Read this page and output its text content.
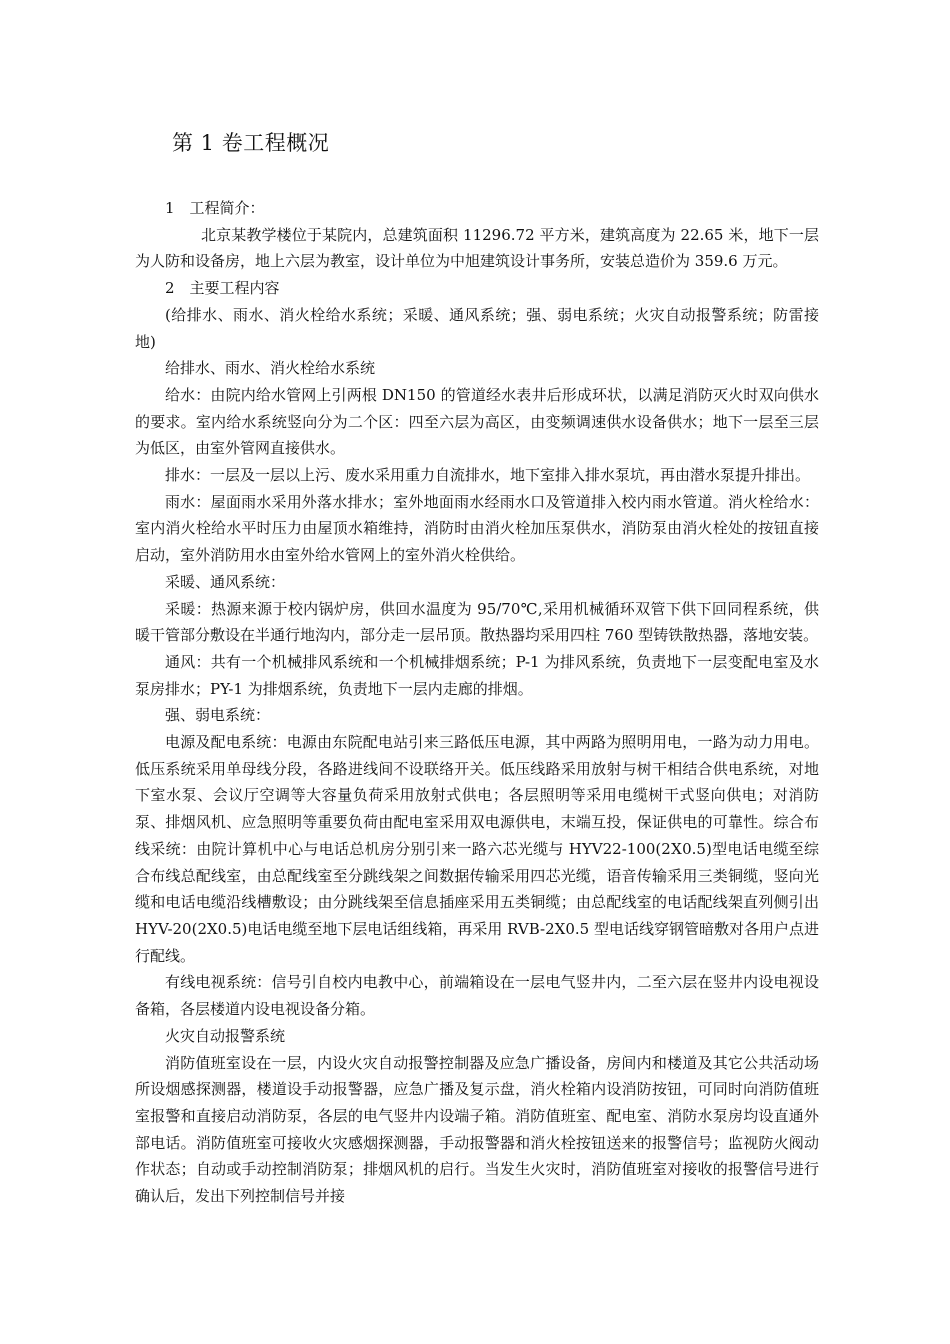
第 1 卷工程概况

1　工程简介：

北京某教学楼位于某院内，总建筑面积 11296.72 平方米，建筑高度为 22.65 米，地下一层为人防和设备房，地上六层为教室，设计单位为中旭建筑设计事务所，安装总造价为 359.6 万元。

2　主要工程内容

(给排水、雨水、消火栓给水系统；采暖、通风系统；强、弱电系统；火灾自动报警系统；防雷接地)

给排水、雨水、消火栓给水系统

给水：由院内给水管网上引两根 DN150 的管道经水表井后形成环状，以满足消防灭火时双向供水的要求。室内给水系统竖向分为二个区：四至六层为高区，由变频调速供水设备供水；地下一层至三层为低区，由室外管网直接供水。

排水：一层及一层以上污、废水采用重力自流排水，地下室排入排水泵坑，再由潜水泵提升排出。

雨水：屋面雨水采用外落水排水；室外地面雨水经雨水口及管道排入校内雨水管道。消火栓给水：室内消火栓给水平时压力由屋顶水箱维持，消防时由消火栓加压泵供水，消防泵由消火栓处的按钮直接启动，室外消防用水由室外给水管网上的室外消火栓供给。

采暖、通风系统：

采暖：热源来源于校内锅炉房，供回水温度为 95/70℃,采用机械循环双管下供下回同程系统，供暖干管部分敷设在半通行地沟内，部分走一层吊顶。散热器均采用四柱 760 型铸铁散热器，落地安装。

通风：共有一个机械排风系统和一个机械排烟系统；P-1 为排风系统，负责地下一层变配电室及水泵房排水；PY-1 为排烟系统，负责地下一层内走廊的排烟。

强、弱电系统：

电源及配电系统：电源由东院配电站引来三路低压电源，其中两路为照明用电，一路为动力用电。低压系统采用单母线分段，各路进线间不设联络开关。低压线路采用放射与树干相结合供电系统，对地下室水泵、会议厅空调等大容量负荷采用放射式供电；各层照明等采用电缆树干式竖向供电；对消防泵、排烟风机、应急照明等重要负荷由配电室采用双电源供电，末端互投，保证供电的可靠性。综合布线采统：由院计算机中心与电话总机房分别引来一路六芯光缆与 HYV22-100(2Ⅹ0.5)型电话电缆至综合布线总配线室，由总配线室至分跳线架之间数据传输采用四芯光缆，语音传输采用三类铜缆，竖向光缆和电话电缆沿线槽敷设；由分跳线架至信息插座采用五类铜缆；由总配线室的电话配线架直列侧引出 HYV-20(2Ⅹ0.5)电话电缆至地下层电话组线箱，再采用 RVB-2Ⅹ0.5 型电话线穿钢管暗敷对各用户点进行配线。

有线电视系统：信号引自校内电教中心，前端箱设在一层电气竖井内，二至六层在竖井内设电视设备箱，各层楼道内设电视设备分箱。

火灾自动报警系统

消防值班室设在一层，内设火灾自动报警控制器及应急广播设备，房间内和楼道及其它公共活动场所设烟感探测器，楼道设手动报警器，应急广播及复示盘，消火栓箱内设消防按钮，可同时向消防值班室报警和直接启动消防泵，各层的电气竖井内设端子箱。消防值班室、配电室、消防水泵房均设直通外部电话。消防值班室可接收火灾感烟探测器，手动报警器和消火栓按钮送来的报警信号；监视防火阀动作状态；自动或手动控制消防泵；排烟风机的启行。当发生火灾时，消防值班室对接收的报警信号进行确认后，发出下列控制信号并接
